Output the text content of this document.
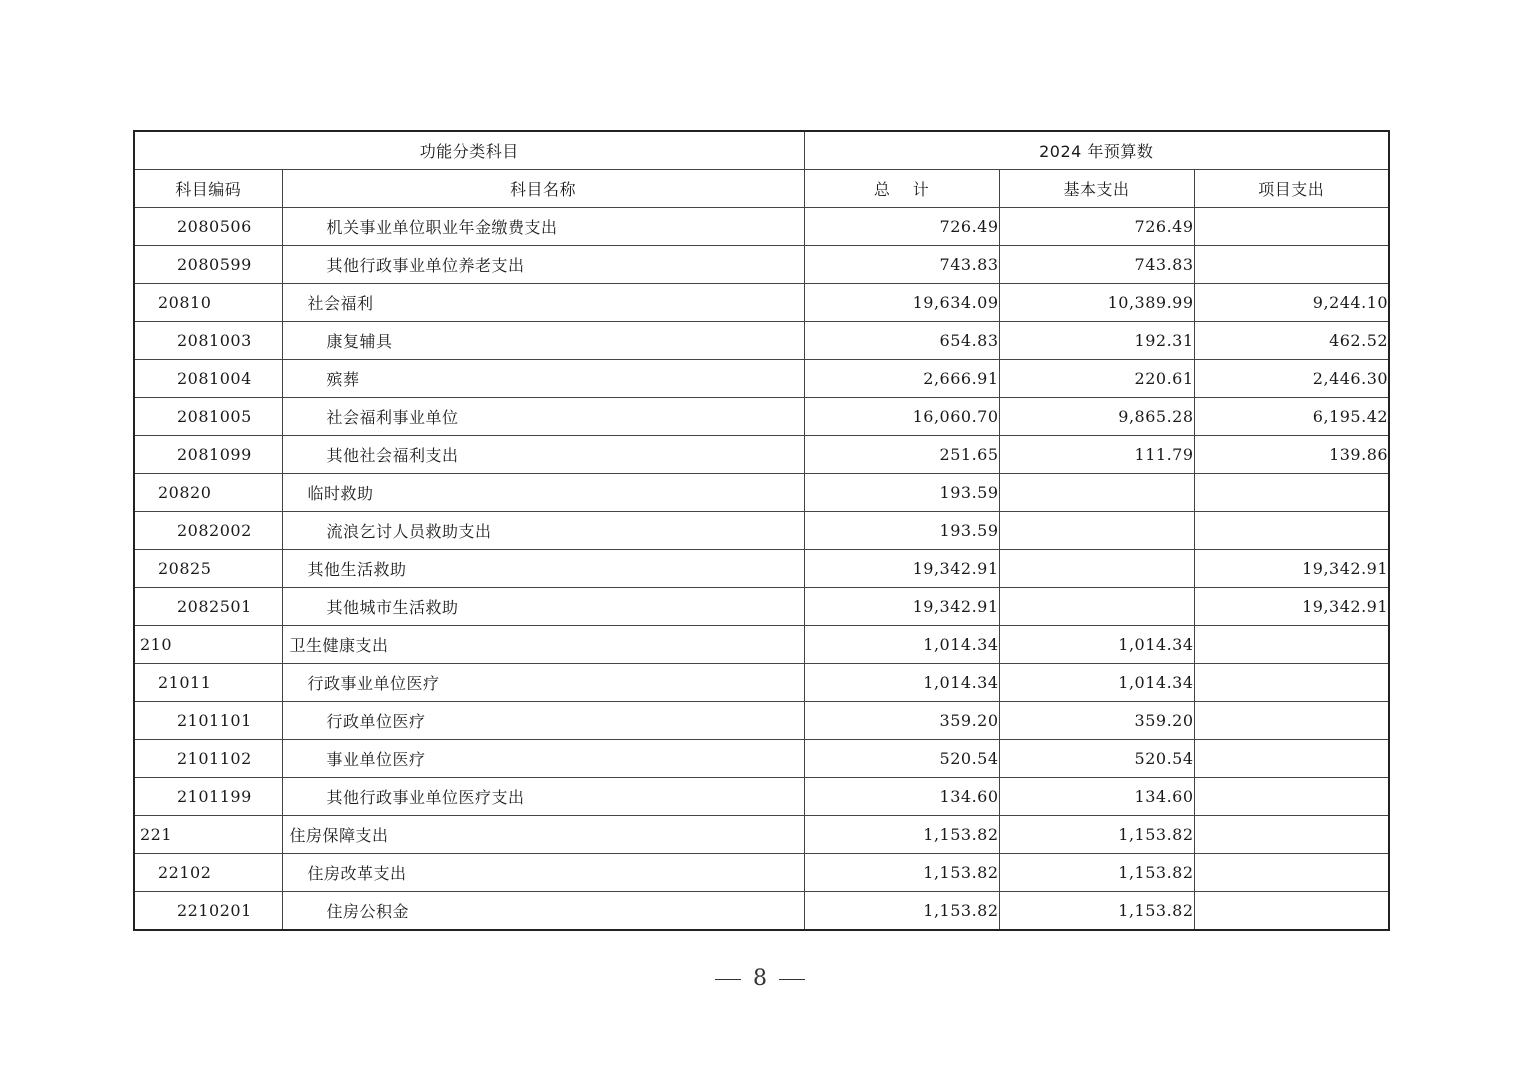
功能分类科目		2024 年预算数		
科目编码	科目名称	总    计	基本支出	项目支出
2080506	机关事业单位职业年金缴费支出	726.49	726.49	
2080599	其他行政事业单位养老支出	743.83	743.83	
20810	社会福利	19,634.09	10,389.99	9,244.10
2081003	康复辅具	654.83	192.31	462.52
2081004	殡葬	2,666.91	220.61	2,446.30
2081005	社会福利事业单位	16,060.70	9,865.28	6,195.42
2081099	其他社会福利支出	251.65	111.79	139.86
20820	临时救助	193.59		
2082002	流浪乞讨人员救助支出	193.59		
20825	其他生活救助	19,342.91		19,342.91
2082501	其他城市生活救助	19,342.91		19,342.91
210	卫生健康支出	1,014.34	1,014.34	
21011	行政事业单位医疗	1,014.34	1,014.34	
2101101	行政单位医疗	359.20	359.20	
2101102	事业单位医疗	520.54	520.54	
2101199	其他行政事业单位医疗支出	134.60	134.60	
221	住房保障支出	1,153.82	1,153.82	
22102	住房改革支出	1,153.82	1,153.82	
2210201	住房公积金	1,153.82	1,153.82	
8
